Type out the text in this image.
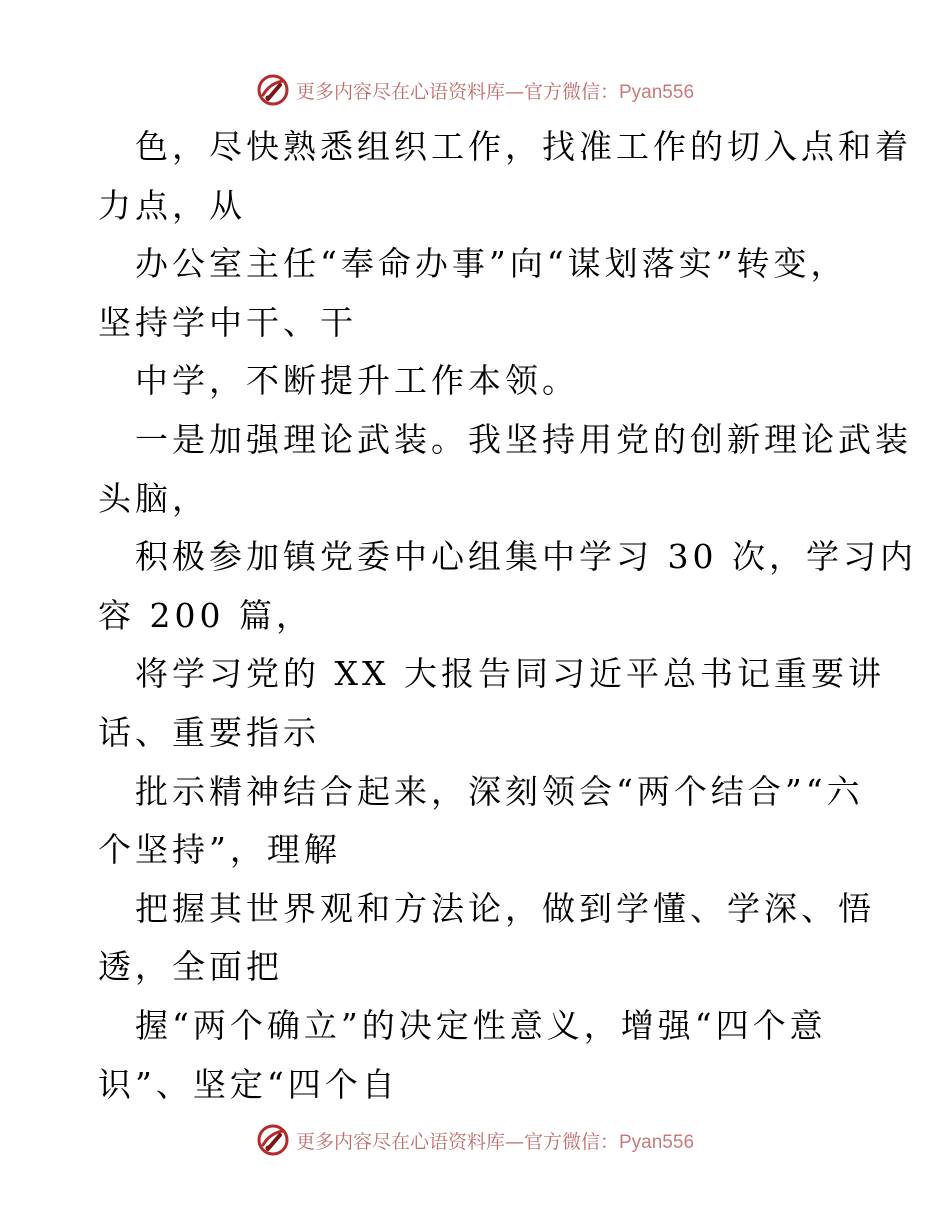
更多内容尽在心语资料库—官方微信：Pyan556
色，尽快熟悉组织工作，找准工作的切入点和着
力点，从
办公室主任“奉命办事”向“谋划落实”转变，
坚持学中干、干
中学，不断提升工作本领。
一是加强理论武装。我坚持用党的创新理论武装
头脑，
积极参加镇党委中心组集中学习 30 次，学习内
容 200 篇，
将学习党的 XX 大报告同习近平总书记重要讲
话、重要指示
批示精神结合起来，深刻领会“两个结合”“六
个坚持”，理解
把握其世界观和方法论，做到学懂、学深、悟
透，全面把
握“两个确立”的决定性意义，增强“四个意
识”、坚定“四个自
更多内容尽在心语资料库—官方微信：Pyan556
